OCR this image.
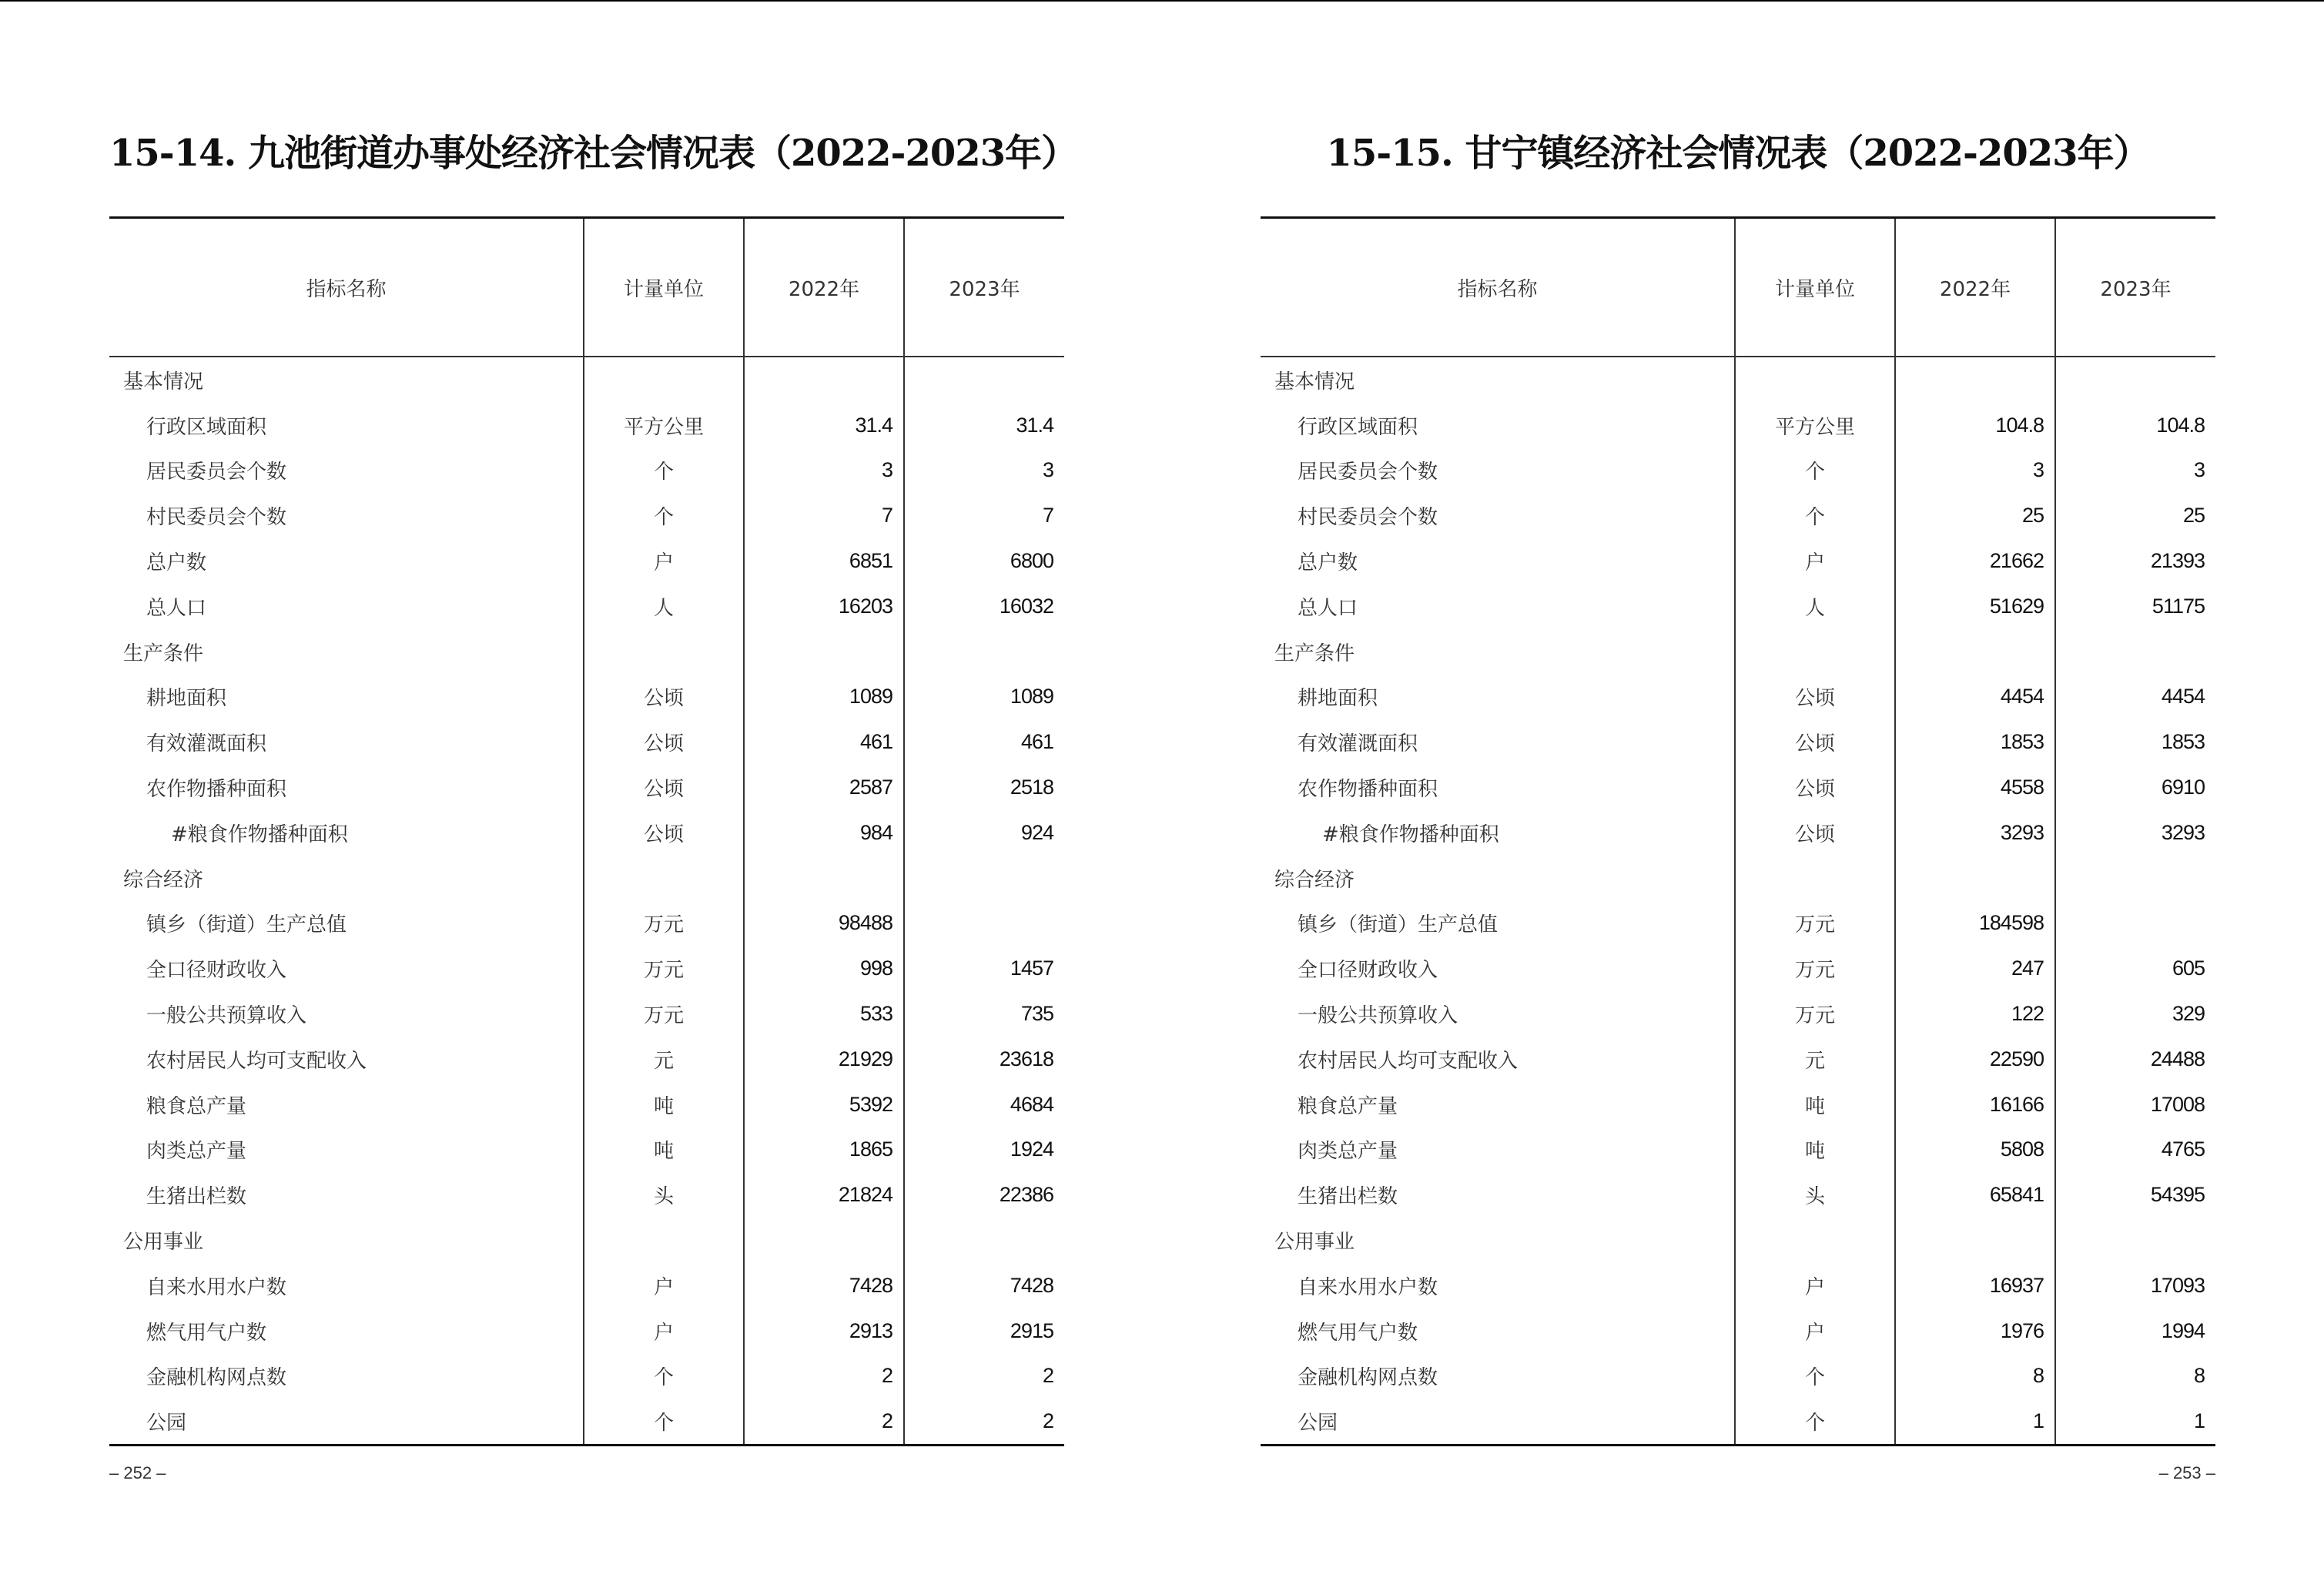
15-14. 九池街道办事处经济社会情况表（2022-2023年）
指标名称	计量单位	2022年	2023年
基本情况			
行政区域面积	平方公里	31.4	31.4
居民委员会个数	个	3	3
村民委员会个数	个	7	7
总户数	户	6851	6800
总人口	人	16203	16032
生产条件			
耕地面积	公顷	1089	1089
有效灌溉面积	公顷	461	461
农作物播种面积	公顷	2587	2518
#粮食作物播种面积	公顷	984	924
综合经济			
镇乡（街道）生产总值	万元	98488	
全口径财政收入	万元	998	1457
一般公共预算收入	万元	533	735
农村居民人均可支配收入	元	21929	23618
粮食总产量	吨	5392	4684
肉类总产量	吨	1865	1924
生猪出栏数	头	21824	22386
公用事业			
自来水用水户数	户	7428	7428
燃气用气户数	户	2913	2915
金融机构网点数	个	2	2
公园	个	2	2
– 252 –
15-15. 甘宁镇经济社会情况表（2022-2023年）
指标名称	计量单位	2022年	2023年
基本情况			
行政区域面积	平方公里	104.8	104.8
居民委员会个数	个	3	3
村民委员会个数	个	25	25
总户数	户	21662	21393
总人口	人	51629	51175
生产条件			
耕地面积	公顷	4454	4454
有效灌溉面积	公顷	1853	1853
农作物播种面积	公顷	4558	6910
#粮食作物播种面积	公顷	3293	3293
综合经济			
镇乡（街道）生产总值	万元	184598	
全口径财政收入	万元	247	605
一般公共预算收入	万元	122	329
农村居民人均可支配收入	元	22590	24488
粮食总产量	吨	16166	17008
肉类总产量	吨	5808	4765
生猪出栏数	头	65841	54395
公用事业			
自来水用水户数	户	16937	17093
燃气用气户数	户	1976	1994
金融机构网点数	个	8	8
公园	个	1	1
– 253 –
